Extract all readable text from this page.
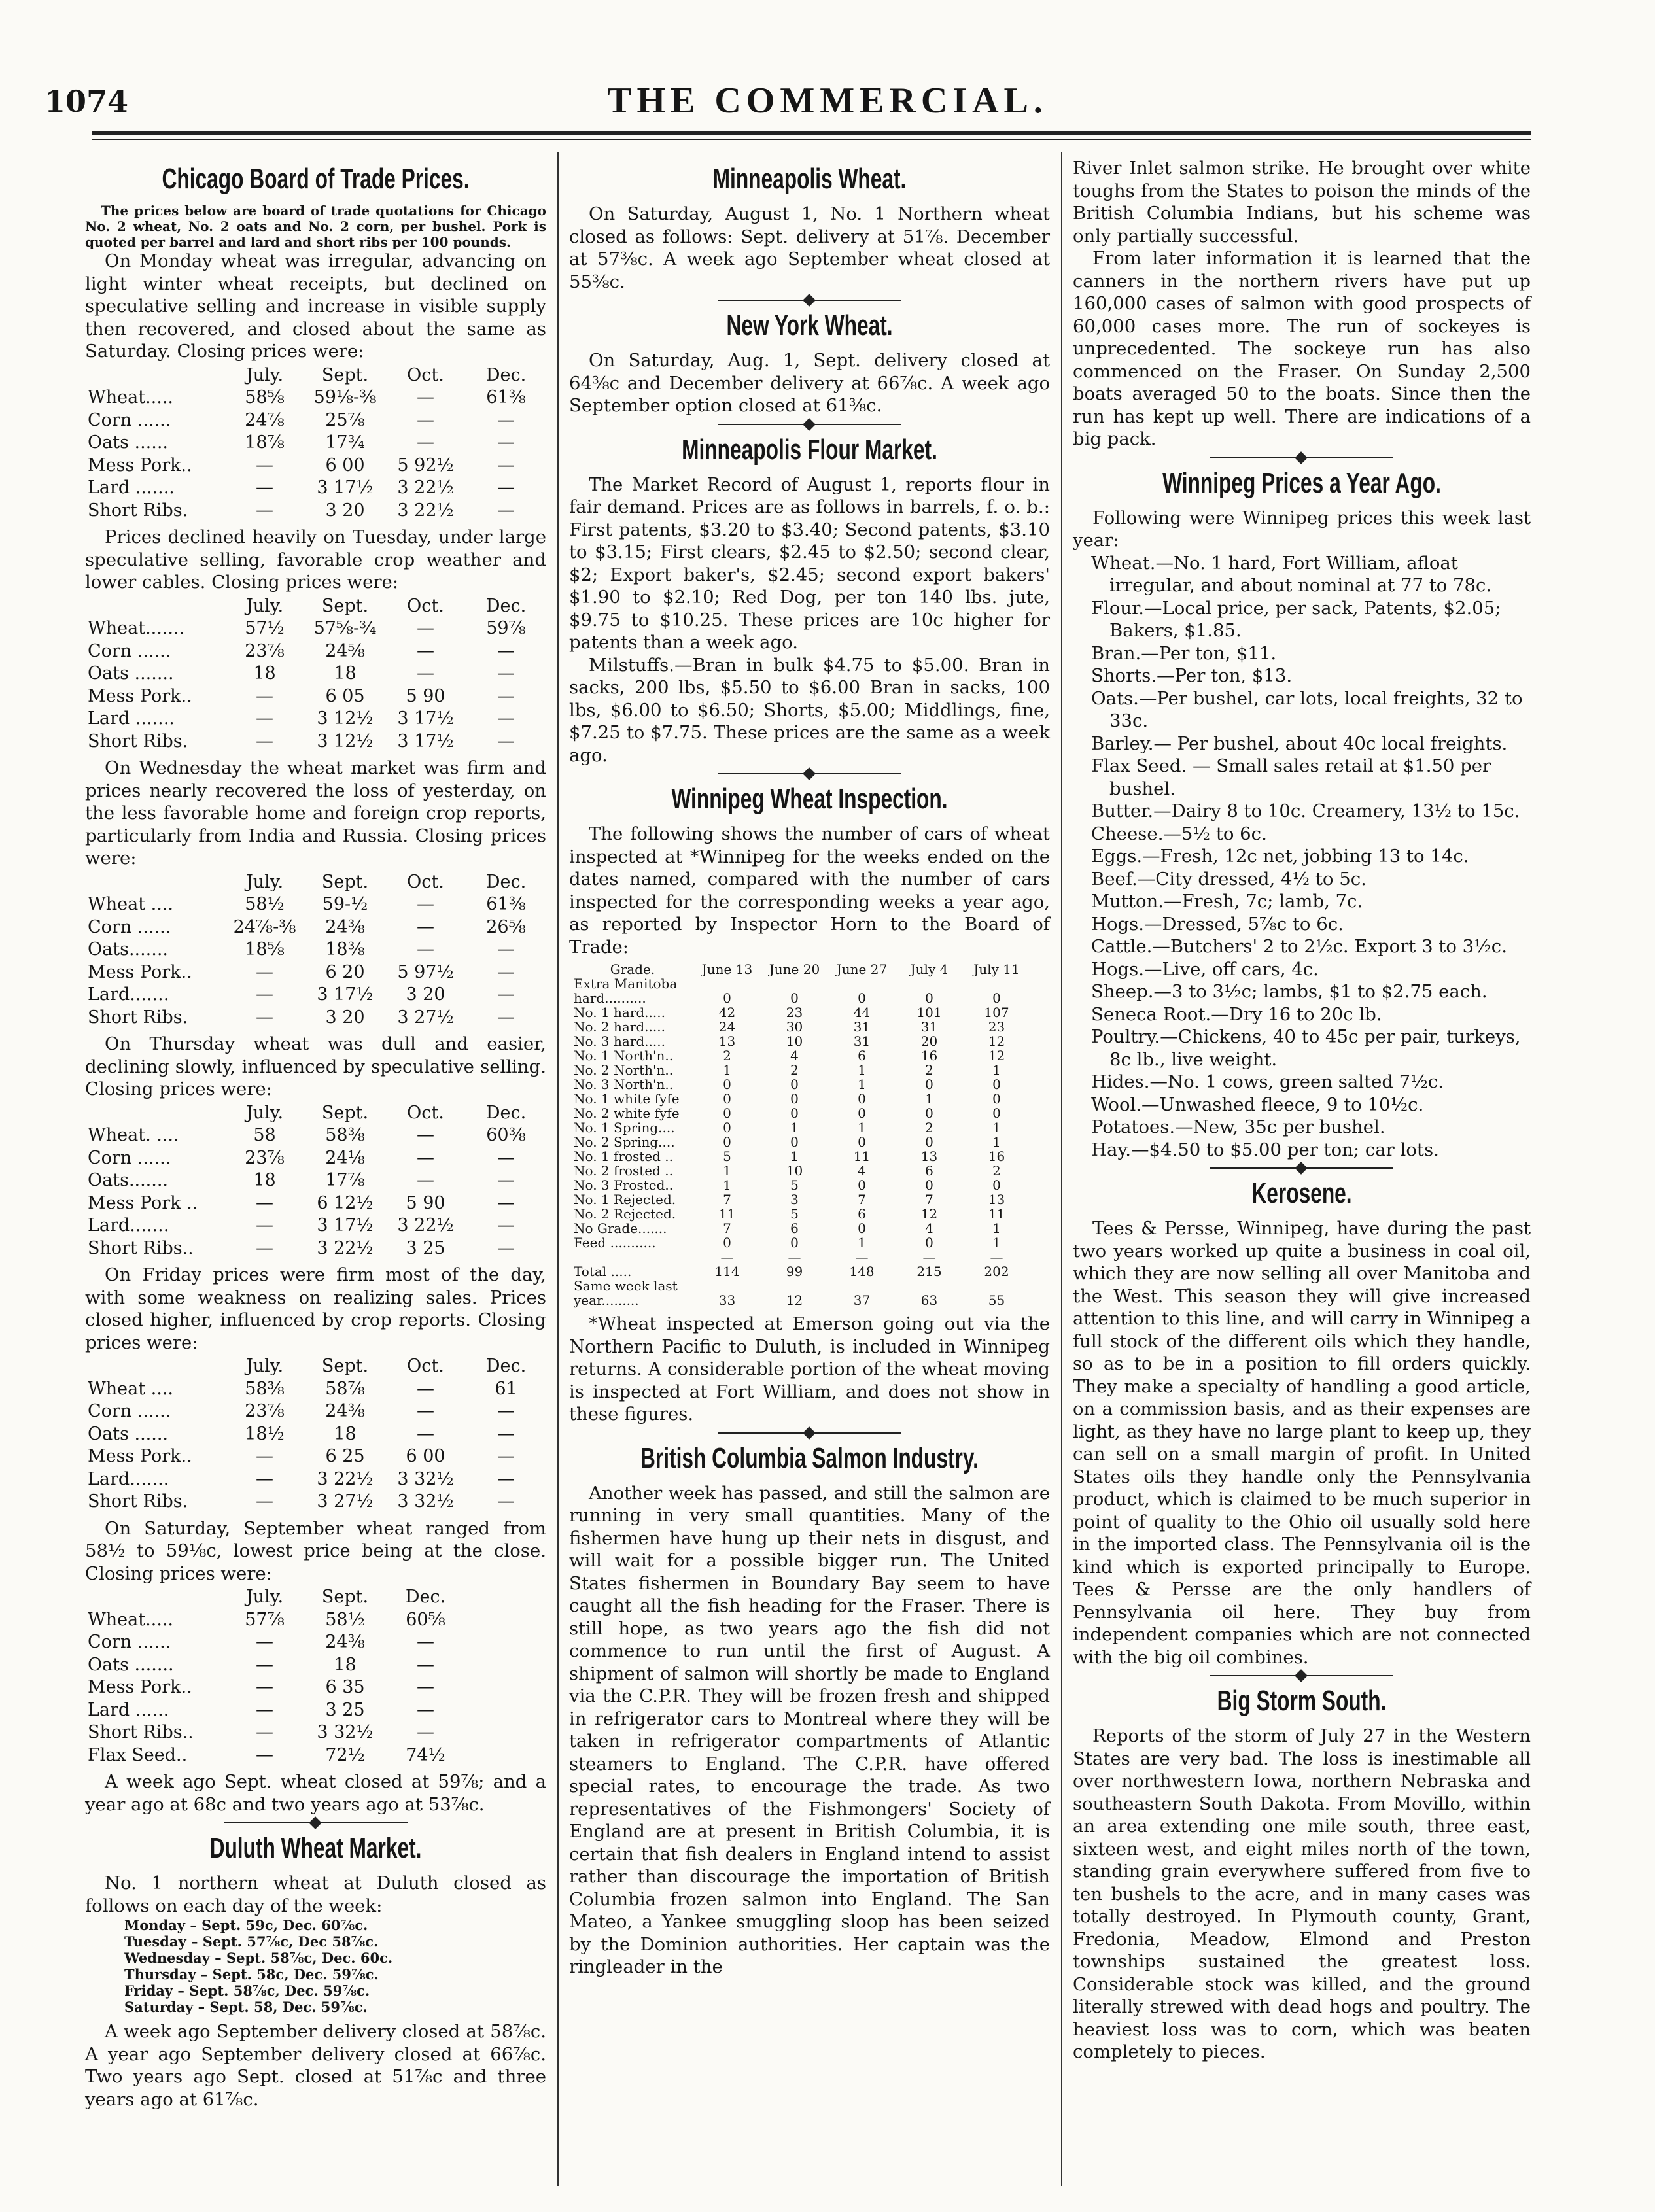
1074	THE COMMERCIAL.
Chicago Board of Trade Prices.

The prices below are board of trade quotations for Chicago No. 2 wheat, No. 2 oats and No. 2 corn, per bushel. Pork is quoted per barrel and lard and short ribs per 100 pounds.

On Monday wheat was irregular, advancing on light winter wheat receipts, but declined on speculative selling and increase in visible supply then recovered, and closed about the same as Saturday. Closing prices were:

	July.	Sept.	Oct.	Dec.
Wheat.....	58⅝	59⅛-⅜	—	61⅜
Corn ......	24⅞	25⅞	—	—
Oats ......	18⅞	17¾	—	—
Mess Pork..	—	6 00	5 92½	—
Lard .......	—	3 17½	3 22½	—
Short Ribs.	—	3 20	3 22½	—

Prices declined heavily on Tuesday, under large speculative selling, favorable crop weather and lower cables. Closing prices were:

	July.	Sept.	Oct.	Dec.
Wheat.......	57½	57⅝-¾	—	59⅞
Corn ......	23⅞	24⅝	—	—
Oats .......	18	18	—	—
Mess Pork..	—	6 05	5 90	—
Lard .......	—	3 12½	3 17½	—
Short Ribs.	—	3 12½	3 17½	—

On Wednesday the wheat market was firm and prices nearly recovered the loss of yesterday, on the less favorable home and foreign crop reports, particularly from India and Russia. Closing prices were:

	July.	Sept.	Oct.	Dec.
Wheat ....	58½	59-½	—	61⅜
Corn ......	24⅞-⅜	24⅜	—	26⅝
Oats.......	18⅝	18⅜	—	—
Mess Pork..	—	6 20	5 97½	—
Lard.......	—	3 17½	3 20	—
Short Ribs.	—	3 20	3 27½	—

On Thursday wheat was dull and easier, declining slowly, influenced by speculative selling. Closing prices were:

	July.	Sept.	Oct.	Dec.
Wheat. ....	58	58⅜	—	60⅜
Corn ......	23⅞	24⅛	—	—
Oats.......	18	17⅞	—	—
Mess Pork ..	—	6 12½	5 90	—
Lard.......	—	3 17½	3 22½	—
Short Ribs..	—	3 22½	3 25	—

On Friday prices were firm most of the day, with some weakness on realizing sales. Prices closed higher, influenced by crop reports. Closing prices were:

	July.	Sept.	Oct.	Dec.
Wheat ....	58⅜	58⅞	—	61
Corn ......	23⅞	24⅜	—	—
Oats ......	18½	18	—	—
Mess Pork..	—	6 25	6 00	—
Lard.......	—	3 22½	3 32½	—
Short Ribs.	—	3 27½	3 32½	—

On Saturday, September wheat ranged from 58½ to 59⅛c, lowest price being at the close. Closing prices were:

	July.	Sept.	Dec.
Wheat.....	57⅞	58½	60⅝
Corn ......	—	24⅜	—
Oats .......	—	18	—
Mess Pork..	—	6 35	—
Lard ......	—	3 25	—
Short Ribs..	—	3 32½	—
Flax Seed..	—	72½	74½

A week ago Sept. wheat closed at 59⅞; and a year ago at 68c and two years ago at 53⅞c.

Duluth Wheat Market.

No. 1 northern wheat at Duluth closed as follows on each day of the week:

Monday – Sept. 59c, Dec. 60⅞c.
Tuesday – Sept. 57⅞c, Dec 58⅞c.
Wednesday – Sept. 58⅞c, Dec. 60c.
Thursday – Sept. 58c, Dec. 59⅞c.
Friday – Sept. 58⅞c, Dec. 59⅞c.
Saturday – Sept. 58, Dec. 59⅞c.

A week ago September delivery closed at 58⅞c. A year ago September delivery closed at 66⅞c. Two years ago Sept. closed at 51⅞c and three years ago at 61⅞c.

Minneapolis Wheat.

On Saturday, August 1, No. 1 Northern wheat closed as follows: Sept. delivery at 51⅞. December at 57⅜c. A week ago September wheat closed at 55⅜c.

New York Wheat.

On Saturday, Aug. 1, Sept. delivery closed at 64⅜c and December delivery at 66⅞c. A week ago September option closed at 61⅜c.

Minneapolis Flour Market.

The Market Record of August 1, reports flour in fair demand. Prices are as follows in barrels, f. o. b.: First patents, $3.20 to $3.40; Second patents, $3.10 to $3.15; First clears, $2.45 to $2.50; second clear, $2; Export baker's, $2.45; second export bakers' $1.90 to $2.10; Red Dog, per ton 140 lbs. jute, $9.75 to $10.25. These prices are 10c higher for patents than a week ago.

Milstuffs.—Bran in bulk $4.75 to $5.00. Bran in sacks, 200 lbs, $5.50 to $6.00 Bran in sacks, 100 lbs, $6.00 to $6.50; Shorts, $5.00; Middlings, fine, $7.25 to $7.75. These prices are the same as a week ago.

Winnipeg Wheat Inspection.

The following shows the number of cars of wheat inspected at *Winnipeg for the weeks ended on the dates named, compared with the number of cars inspected for the corresponding weeks a year ago, as reported by Inspector Horn to the Board of Trade:

Grade.	June 13	June 20	June 27	July 4	July 11
Extra Manitoba					
hard..........	0	0	0	0	0
No. 1 hard.....	42	23	44	101	107
No. 2 hard.....	24	30	31	31	23
No. 3 hard.....	13	10	31	20	12
No. 1 North'n..	2	4	6	16	12
No. 2 North'n..	1	2	1	2	1
No. 3 North'n..	0	0	1	0	0
No. 1 white fyfe	0	0	0	1	0
No. 2 white fyfe	0	0	0	0	0
No. 1 Spring....	0	1	1	2	1
No. 2 Spring....	0	0	0	0	1
No. 1 frosted ..	5	1	11	13	16
No. 2 frosted ..	1	10	4	6	2
No. 3 Frosted..	1	5	0	0	0
No. 1 Rejected.	7	3	7	7	13
No. 2 Rejected.	11	5	6	12	11
No Grade.......	7	6	0	4	1
Feed ...........	0	0	1	0	1
	—	—	—	—	—
Total .....	114	99	148	215	202
Same week last					
year.........	33	12	37	63	55

*Wheat inspected at Emerson going out via the Northern Pacific to Duluth, is included in Winnipeg returns. A considerable portion of the wheat moving is inspected at Fort William, and does not show in these figures.

British Columbia Salmon Industry.

Another week has passed, and still the salmon are running in very small quantities. Many of the fishermen have hung up their nets in disgust, and will wait for a possible bigger run. The United States fishermen in Boundary Bay seem to have caught all the fish heading for the Fraser. There is still hope, as two years ago the fish did not commence to run until the first of August. A shipment of salmon will shortly be made to England via the C.P.R. They will be frozen fresh and shipped in refrigerator cars to Montreal where they will be taken in refrigerator compartments of Atlantic steamers to England. The C.P.R. have offered special rates, to encourage the trade. As two representatives of the Fishmongers' Society of England are at present in British Columbia, it is certain that fish dealers in England intend to assist rather than discourage the importation of British Columbia frozen salmon into England. The San Mateo, a Yankee smuggling sloop has been seized by the Dominion authorities. Her captain was the ringleader in the

River Inlet salmon strike. He brought over white toughs from the States to poison the minds of the British Columbia Indians, but his scheme was only partially successful.

From later information it is learned that the canners in the northern rivers have put up 160,000 cases of salmon with good prospects of 60,000 cases more. The run of sockeyes is unprecedented. The sockeye run has also commenced on the Fraser. On Sunday 2,500 boats averaged 50 to the boats. Since then the run has kept up well. There are indications of a big pack.

Winnipeg Prices a Year Ago.

Following were Winnipeg prices this week last year:

Wheat.—No. 1 hard, Fort William, afloat irregular, and about nominal at 77 to 78c.

Flour.—Local price, per sack, Patents, $2.05; Bakers, $1.85.

Bran.—Per ton, $11.

Shorts.—Per ton, $13.

Oats.—Per bushel, car lots, local freights, 32 to 33c.

Barley.— Per bushel, about 40c local freights.

Flax Seed. — Small sales retail at $1.50 per bushel.

Butter.—Dairy 8 to 10c. Creamery, 13½ to 15c.

Cheese.—5½ to 6c.

Eggs.—Fresh, 12c net, jobbing 13 to 14c.

Beef.—City dressed, 4½ to 5c.

Mutton.—Fresh, 7c; lamb, 7c.

Hogs.—Dressed, 5⅞c to 6c.

Cattle.—Butchers' 2 to 2½c. Export 3 to 3½c.

Hogs.—Live, off cars, 4c.

Sheep.—3 to 3½c; lambs, $1 to $2.75 each.

Seneca Root.—Dry 16 to 20c lb.

Poultry.—Chickens, 40 to 45c per pair, turkeys, 8c lb., live weight.

Hides.—No. 1 cows, green salted 7½c.

Wool.—Unwashed fleece, 9 to 10½c.

Potatoes.—New, 35c per bushel.

Hay.—$4.50 to $5.00 per ton; car lots.

Kerosene.

Tees & Persse, Winnipeg, have during the past two years worked up quite a business in coal oil, which they are now selling all over Manitoba and the West. This season they will give increased attention to this line, and will carry in Winnipeg a full stock of the different oils which they handle, so as to be in a position to fill orders quickly. They make a specialty of handling a good article, on a commission basis, and as their expenses are light, as they have no large plant to keep up, they can sell on a small margin of profit. In United States oils they handle only the Pennsylvania product, which is claimed to be much superior in point of quality to the Ohio oil usually sold here in the imported class. The Pennsylvania oil is the kind which is exported principally to Europe. Tees & Persse are the only handlers of Pennsylvania oil here. They buy from independent companies which are not connected with the big oil combines.

Big Storm South.

Reports of the storm of July 27 in the Western States are very bad. The loss is inestimable all over northwestern Iowa, northern Nebraska and southeastern South Dakota. From Movillo, within an area extending one mile south, three east, sixteen west, and eight miles north of the town, standing grain everywhere suffered from five to ten bushels to the acre, and in many cases was totally destroyed. In Plymouth county, Grant, Fredonia, Meadow, Elmond and Preston townships sustained the greatest loss. Considerable stock was killed, and the ground literally strewed with dead hogs and poultry. The heaviest loss was to corn, which was beaten completely to pieces.
